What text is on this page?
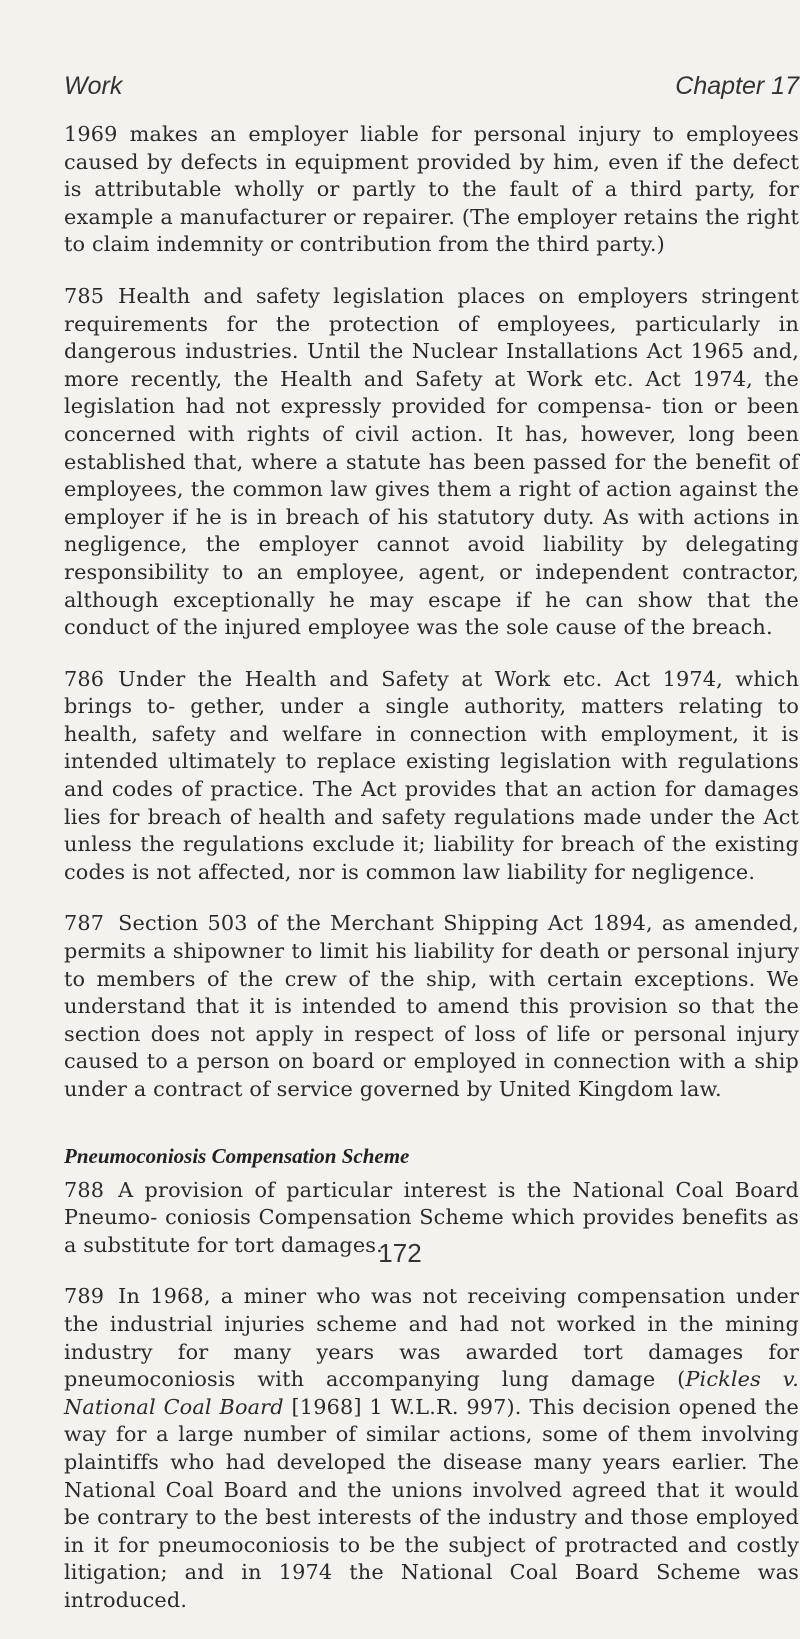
Work	Chapter 17

1969 makes an employer liable for personal injury to employees caused by defects in equipment provided by him, even if the defect is attributable wholly or partly to the fault of a third party, for example a manufacturer or repairer. (The employer retains the right to claim indemnity or contribution from the third party.)

785 Health and safety legislation places on employers stringent requirements for the protection of employees, particularly in dangerous industries. Until the Nuclear Installations Act 1965 and, more recently, the Health and Safety at Work etc. Act 1974, the legislation had not expressly provided for compensa- tion or been concerned with rights of civil action. It has, however, long been established that, where a statute has been passed for the benefit of employees, the common law gives them a right of action against the employer if he is in breach of his statutory duty. As with actions in negligence, the employer cannot avoid liability by delegating responsibility to an employee, agent, or independent contractor, although exceptionally he may escape if he can show that the conduct of the injured employee was the sole cause of the breach.

786 Under the Health and Safety at Work etc. Act 1974, which brings to- gether, under a single authority, matters relating to health, safety and welfare in connection with employment, it is intended ultimately to replace existing legislation with regulations and codes of practice. The Act provides that an action for damages lies for breach of health and safety regulations made under the Act unless the regulations exclude it; liability for breach of the existing codes is not affected, nor is common law liability for negligence.

787 Section 503 of the Merchant Shipping Act 1894, as amended, permits a shipowner to limit his liability for death or personal injury to members of the crew of the ship, with certain exceptions. We understand that it is intended to amend this provision so that the section does not apply in respect of loss of life or personal injury caused to a person on board or employed in connection with a ship under a contract of service governed by United Kingdom law.

Pneumoconiosis Compensation Scheme

788 A provision of particular interest is the National Coal Board Pneumo- coniosis Compensation Scheme which provides benefits as a substitute for tort damages.

789 In 1968, a miner who was not receiving compensation under the industrial injuries scheme and had not worked in the mining industry for many years was awarded tort damages for pneumoconiosis with accompanying lung damage (Pickles v. National Coal Board [1968] 1 W.L.R. 997). This decision opened the way for a large number of similar actions, some of them involving plaintiffs who had developed the disease many years earlier. The National Coal Board and the unions involved agreed that it would be contrary to the best interests of the industry and those employed in it for pneumoconiosis to be the subject of protracted and costly litigation; and in 1974 the National Coal Board Scheme was introduced.

172
